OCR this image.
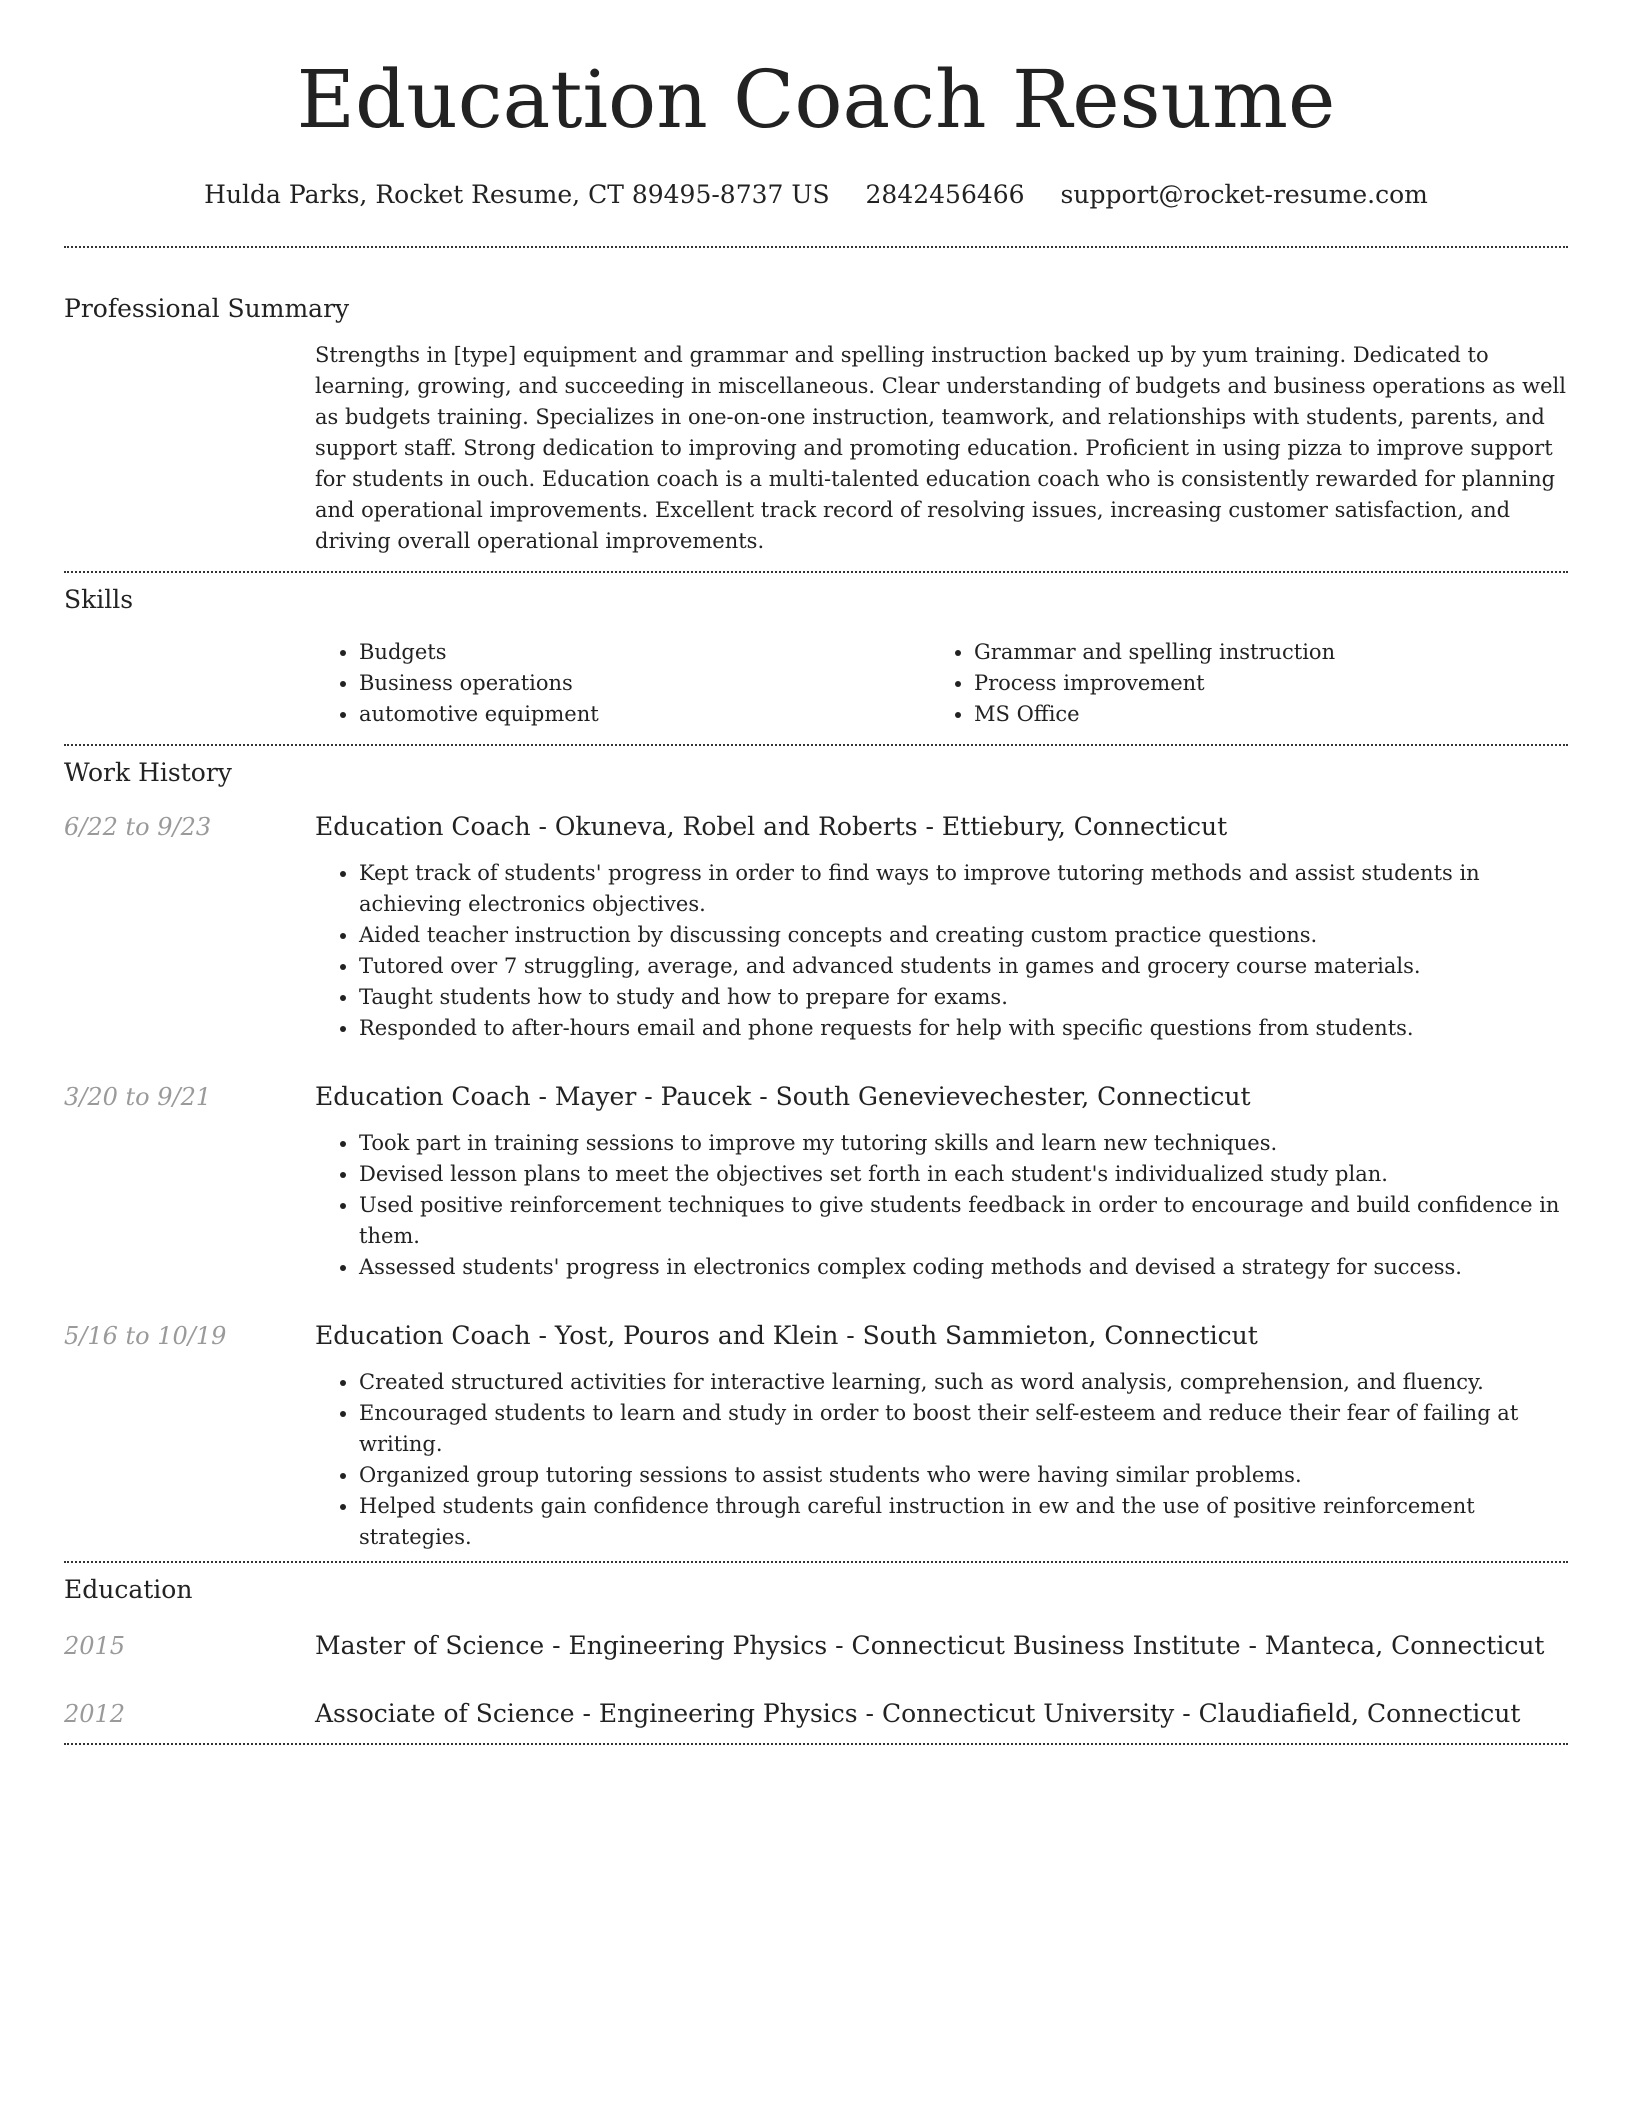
Education Coach Resume
Hulda Parks, Rocket Resume, CT 89495-8737 US 2842456466 support@rocket-resume.com
Professional Summary

Strengths in [type] equipment and grammar and spelling instruction backed up by yum training. Dedicated to learning, growing, and succeeding in miscellaneous. Clear understanding of budgets and business operations as well as budgets training. Specializes in one-on-one instruction, teamwork, and relationships with students, parents, and support staff. Strong dedication to improving and promoting education. Proficient in using pizza to improve support for students in ouch. Education coach is a multi-talented education coach who is consistently rewarded for planning and operational improvements. Excellent track record of resolving issues, increasing customer satisfaction, and driving overall operational improvements.

Skills
• Budgets
• Business operations
• automotive equipment
• Grammar and spelling instruction
• Process improvement
• MS Office
Work History
6/22 to 9/23	Education Coach - Okuneva, Robel and Roberts - Ettiebury, Connecticut
• Kept track of students' progress in order to find ways to improve tutoring methods and assist students in achieving electronics objectives.
• Aided teacher instruction by discussing concepts and creating custom practice questions.
• Tutored over 7 struggling, average, and advanced students in games and grocery course materials.
• Taught students how to study and how to prepare for exams.
• Responded to after-hours email and phone requests for help with specific questions from students.
3/20 to 9/21	Education Coach - Mayer - Paucek - South Genevievechester, Connecticut
• Took part in training sessions to improve my tutoring skills and learn new techniques.
• Devised lesson plans to meet the objectives set forth in each student's individualized study plan.
• Used positive reinforcement techniques to give students feedback in order to encourage and build confidence in them.
• Assessed students' progress in electronics complex coding methods and devised a strategy for success.
5/16 to 10/19	Education Coach - Yost, Pouros and Klein - South Sammieton, Connecticut
• Created structured activities for interactive learning, such as word analysis, comprehension, and fluency.
• Encouraged students to learn and study in order to boost their self-esteem and reduce their fear of failing at writing.
• Organized group tutoring sessions to assist students who were having similar problems.
• Helped students gain confidence through careful instruction in ew and the use of positive reinforcement strategies.
Education
2015	Master of Science - Engineering Physics - Connecticut Business Institute - Manteca, Connecticut
2012	Associate of Science - Engineering Physics - Connecticut University - Claudiafield, Connecticut
